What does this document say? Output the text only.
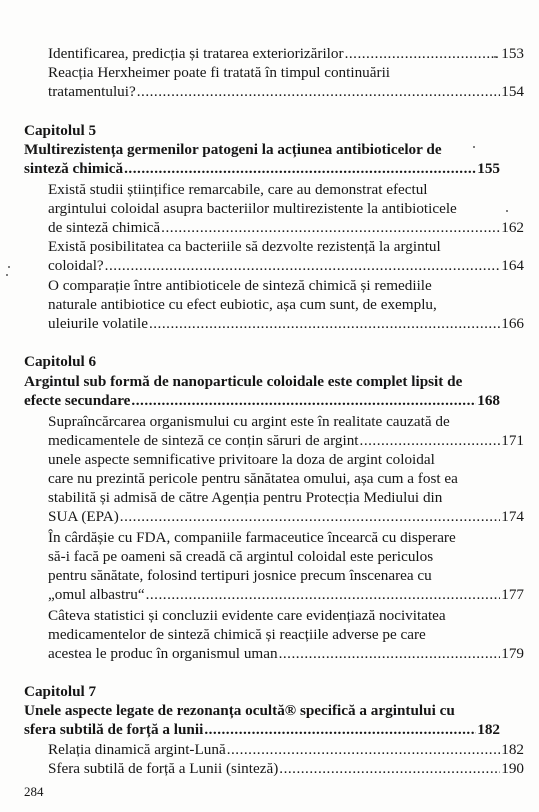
Identificarea, predicția și tratarea exteriorizărilor .....	153
Reacția Herxheimer poate fi tratată în timpul continuării
tratamentului? .....	154
Capitolul 5
Multirezistența germenilor patogeni la acțiunea antibioticelor de
sinteză chimică .....	155
Există studii științifice remarcabile, care au demonstrat efectul
argintului coloidal asupra bacteriilor multirezistente la antibioticele
de sinteză chimică .....	162
Există posibilitatea ca bacteriile să dezvolte rezistență la argintul
coloidal? .....	164
O comparație între antibioticele de sinteză chimică și remediile
naturale antibiotice cu efect eubiotic, așa cum sunt, de exemplu,
uleiurile volatile .....	166
Capitolul 6
Argintul sub formă de nanoparticule coloidale este complet lipsit de
efecte secundare .....	168
Supraîncărcarea organismului cu argint este în realitate cauzată de
medicamentele de sinteză ce conțin săruri de argint .....	171
unele aspecte semnificative privitoare la doza de argint coloidal
care nu prezintă pericole pentru sănătatea omului, așa cum a fost ea
stabilită și admisă de către Agenția pentru Protecția Mediului din
SUA (EPA) .....	174
În cârdășie cu FDA, companiile farmaceutice încearcă cu disperare
să-i facă pe oameni să creadă că argintul coloidal este periculos
pentru sănătate, folosind tertipuri josnice precum înscenarea cu
„omul albastru“ .....	177
Câteva statistici și concluzii evidente care evidențiază nocivitatea
medicamentelor de sinteză chimică și reacțiile adverse pe care
acestea le produc în organismul uman .....	179
Capitolul 7
Unele aspecte legate de rezonanța ocultă® specifică a argintului cu
sfera subtilă de forță a lunii .....	182
Relația dinamică argint-Lună .....	182
Sfera subtilă de forță a Lunii (sinteză) .....	190
284
